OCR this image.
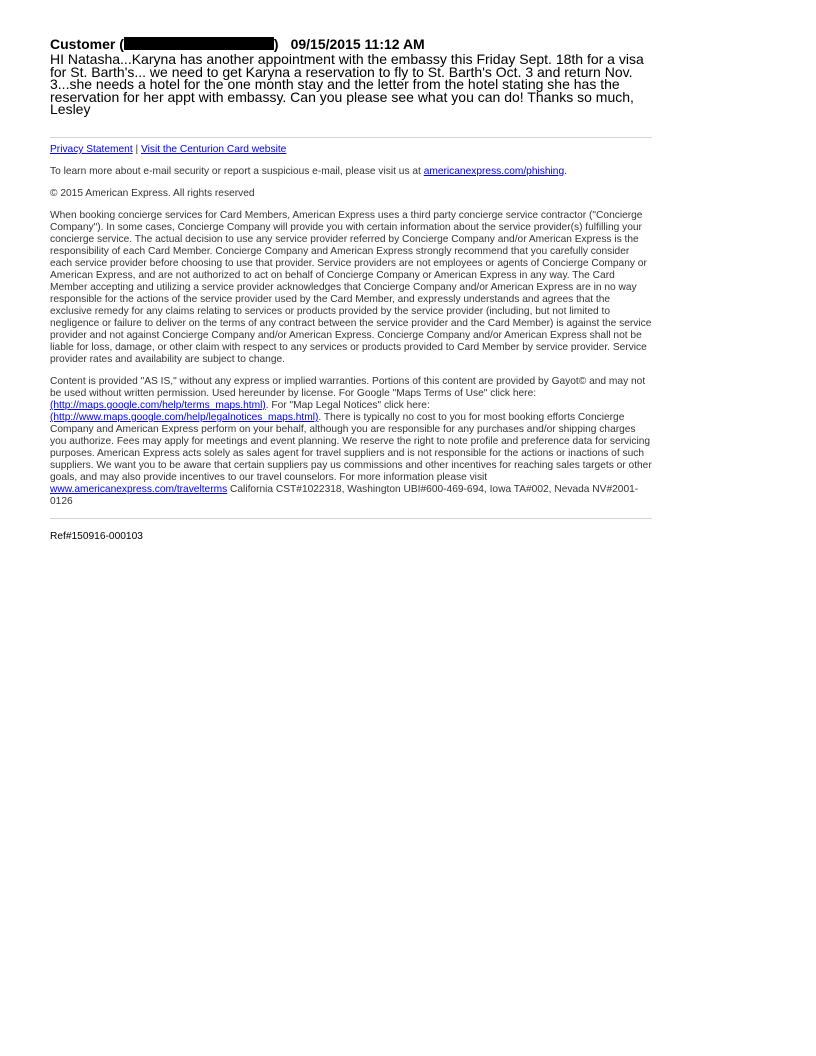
Customer (	) 09/15/2015 11:12 AM
HI Natasha...Karyna has another appointment with the embassy this Friday Sept. 18th for a visa for St. Barth's... we need to get Karyna a reservation to fly to St. Barth's Oct. 3 and return Nov. 3...she needs a hotel for the one month stay and the letter from the hotel stating she has the reservation for her appt with embassy. Can you please see what you can do! Thanks so much, Lesley
Privacy Statement | Visit the Centurion Card website
To learn more about e-mail security or report a suspicious e-mail, please visit us at americanexpress.com/phishing.
© 2015 American Express. All rights reserved
When booking concierge services for Card Members, American Express uses a third party concierge service contractor ("Concierge Company"). In some cases, Concierge Company will provide you with certain information about the service provider(s) fulfilling your concierge service. The actual decision to use any service provider referred by Concierge Company and/or American Express is the responsibility of each Card Member. Concierge Company and American Express strongly recommend that you carefully consider each service provider before choosing to use that provider. Service providers are not employees or agents of Concierge Company or American Express, and are not authorized to act on behalf of Concierge Company or American Express in any way. The Card Member accepting and utilizing a service provider acknowledges that Concierge Company and/or American Express are in no way responsible for the actions of the service provider used by the Card Member, and expressly understands and agrees that the exclusive remedy for any claims relating to services or products provided by the service provider (including, but not limited to negligence or failure to deliver on the terms of any contract between the service provider and the Card Member) is against the service provider and not against Concierge Company and/or American Express. Concierge Company and/or American Express shall not be liable for loss, damage, or other claim with respect to any services or products provided to Card Member by service provider. Service provider rates and availability are subject to change.
Content is provided "AS IS," without any express or implied warranties. Portions of this content are provided by Gayot© and may not be used without written permission. Used hereunder by license. For Google "Maps Terms of Use" click here: (http://maps.google.com/help/terms_maps.html). For "Map Legal Notices" click here: (http://www.maps.google.com/help/legalnotices_maps.html). There is typically no cost to you for most booking efforts Concierge Company and American Express perform on your behalf, although you are responsible for any purchases and/or shipping charges you authorize. Fees may apply for meetings and event planning. We reserve the right to note profile and preference data for servicing purposes. American Express acts solely as sales agent for travel suppliers and is not responsible for the actions or inactions of such suppliers. We want you to be aware that certain suppliers pay us commissions and other incentives for reaching sales targets or other goals, and may also provide incentives to our travel counselors. For more information please visit www.americanexpress.com/travelterms California CST#1022318, Washington UBI#600-469-694, Iowa TA#002, Nevada NV#2001-0126
Ref#150916-000103
